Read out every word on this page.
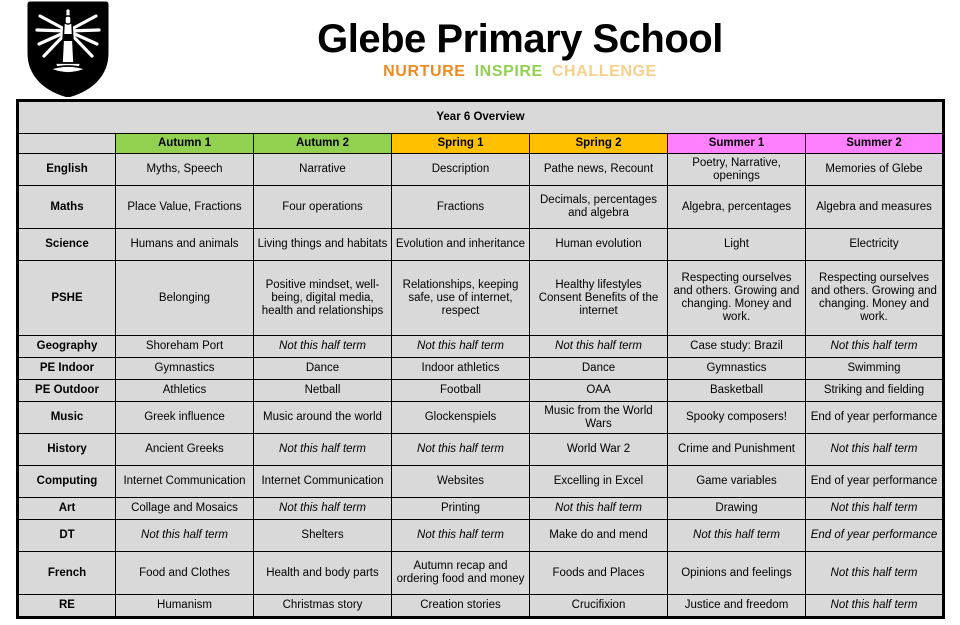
Glebe Primary School
NURTURE INSPIRE CHALLENGE
Year 6 Overview						
	Autumn 1	Autumn 2	Spring 1	Spring 2	Summer 1	Summer 2
English	Myths, Speech	Narrative	Description	Pathe news, Recount	Poetry, Narrative, openings	Memories of Glebe
Maths	Place Value, Fractions	Four operations	Fractions	Decimals, percentages and algebra	Algebra, percentages	Algebra and measures
Science	Humans and animals	Living things and habitats	Evolution and inheritance	Human evolution	Light	Electricity
PSHE	Belonging	Positive mindset, well-being, digital media, health and relationships	Relationships, keeping safe, use of internet, respect	Healthy lifestyles Consent Benefits of the internet	Respecting ourselves and others. Growing and changing. Money and work.	Respecting ourselves and others. Growing and changing. Money and work.
Geography	Shoreham Port	Not this half term	Not this half term	Not this half term	Case study: Brazil	Not this half term
PE Indoor	Gymnastics	Dance	Indoor athletics	Dance	Gymnastics	Swimming
PE Outdoor	Athletics	Netball	Football	OAA	Basketball	Striking and fielding
Music	Greek influence	Music around the world	Glockenspiels	Music from the World Wars	Spooky composers!	End of year performance
History	Ancient Greeks	Not this half term	Not this half term	World War 2	Crime and Punishment	Not this half term
Computing	Internet Communication	Internet Communication	Websites	Excelling in Excel	Game variables	End of year performance
Art	Collage and Mosaics	Not this half term	Printing	Not this half term	Drawing	Not this half term
DT	Not this half term	Shelters	Not this half term	Make do and mend	Not this half term	End of year performance
French	Food and Clothes	Health and body parts	Autumn recap and ordering food and money	Foods and Places	Opinions and feelings	Not this half term
RE	Humanism	Christmas story	Creation stories	Crucifixion	Justice and freedom	Not this half term
